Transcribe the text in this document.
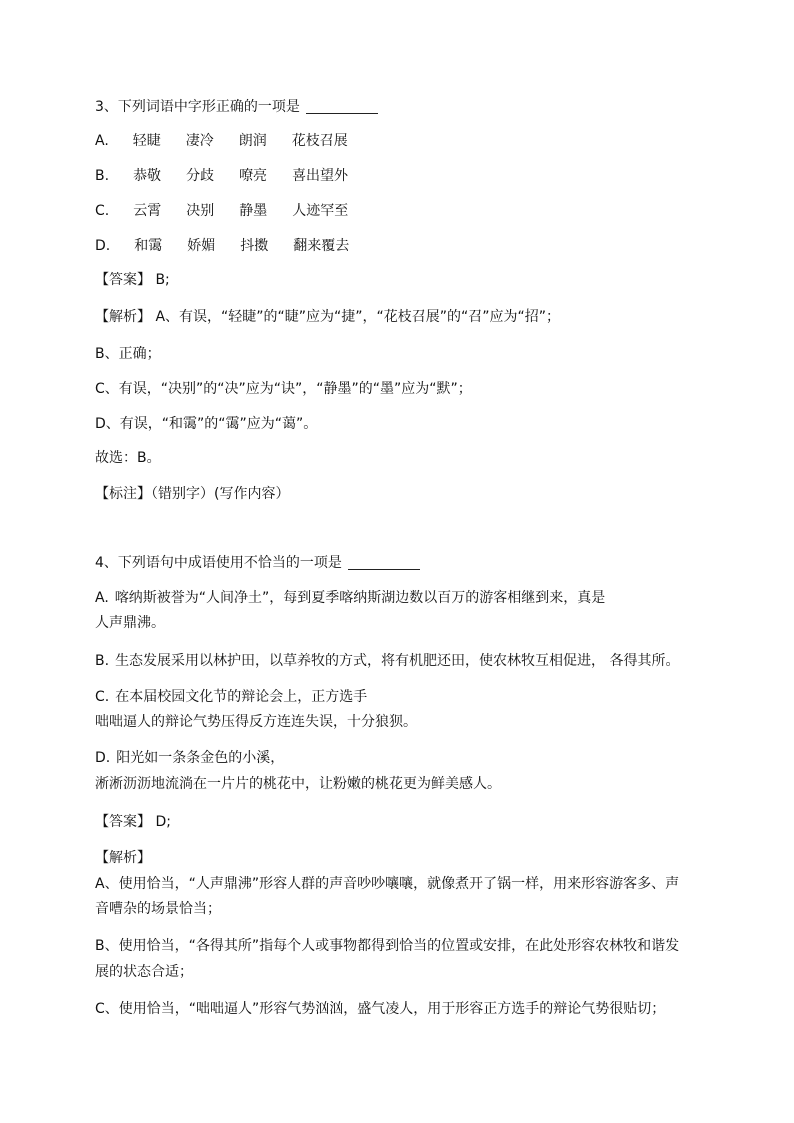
3、下列词语中字形正确的一项是
A. 轻睫 凄冷 朗润 花枝召展
B. 恭敬 分歧 嘹亮 喜出望外
C. 云霄 决别 静墨 人迹罕至
D. 和霭 娇媚 抖擞 翻来覆去
【答案】 B;
【解析】 A、有误，“轻睫”的“睫”应为“捷”，“花枝召展”的“召”应为“招”；
B、正确；
C、有误，“决别”的“决”应为“诀”，“静墨”的“墨”应为“默”；
D、有误，“和霭”的“霭”应为“蔼”。
故选：B。
【标注】（错别字）(写作内容）
4、下列语句中成语使用不恰当的一项是
A. 喀纳斯被誉为“人间净土”，每到夏季喀纳斯湖边数以百万的游客相继到来，真是
人声鼎沸。
B. 生态发展采用以林护田，以草养牧的方式，将有机肥还田，使农林牧互相促进， 各得其所。
C. 在本届校园文化节的辩论会上，正方选手
咄咄逼人的辩论气势压得反方连连失误，十分狼狈。
D. 阳光如一条条金色的小溪，
淅淅沥沥地流淌在一片片的桃花中，让粉嫩的桃花更为鲜美感人。
【答案】 D;
【解析】
A、使用恰当，“人声鼎沸”形容人群的声音吵吵嚷嚷，就像煮开了锅一样，用来形容游客多、声
音嘈杂的场景恰当；
B、使用恰当，“各得其所”指每个人或事物都得到恰当的位置或安排，在此处形容农林牧和谐发
展的状态合适；
C、使用恰当，“咄咄逼人”形容气势汹汹，盛气凌人，用于形容正方选手的辩论气势很贴切；
